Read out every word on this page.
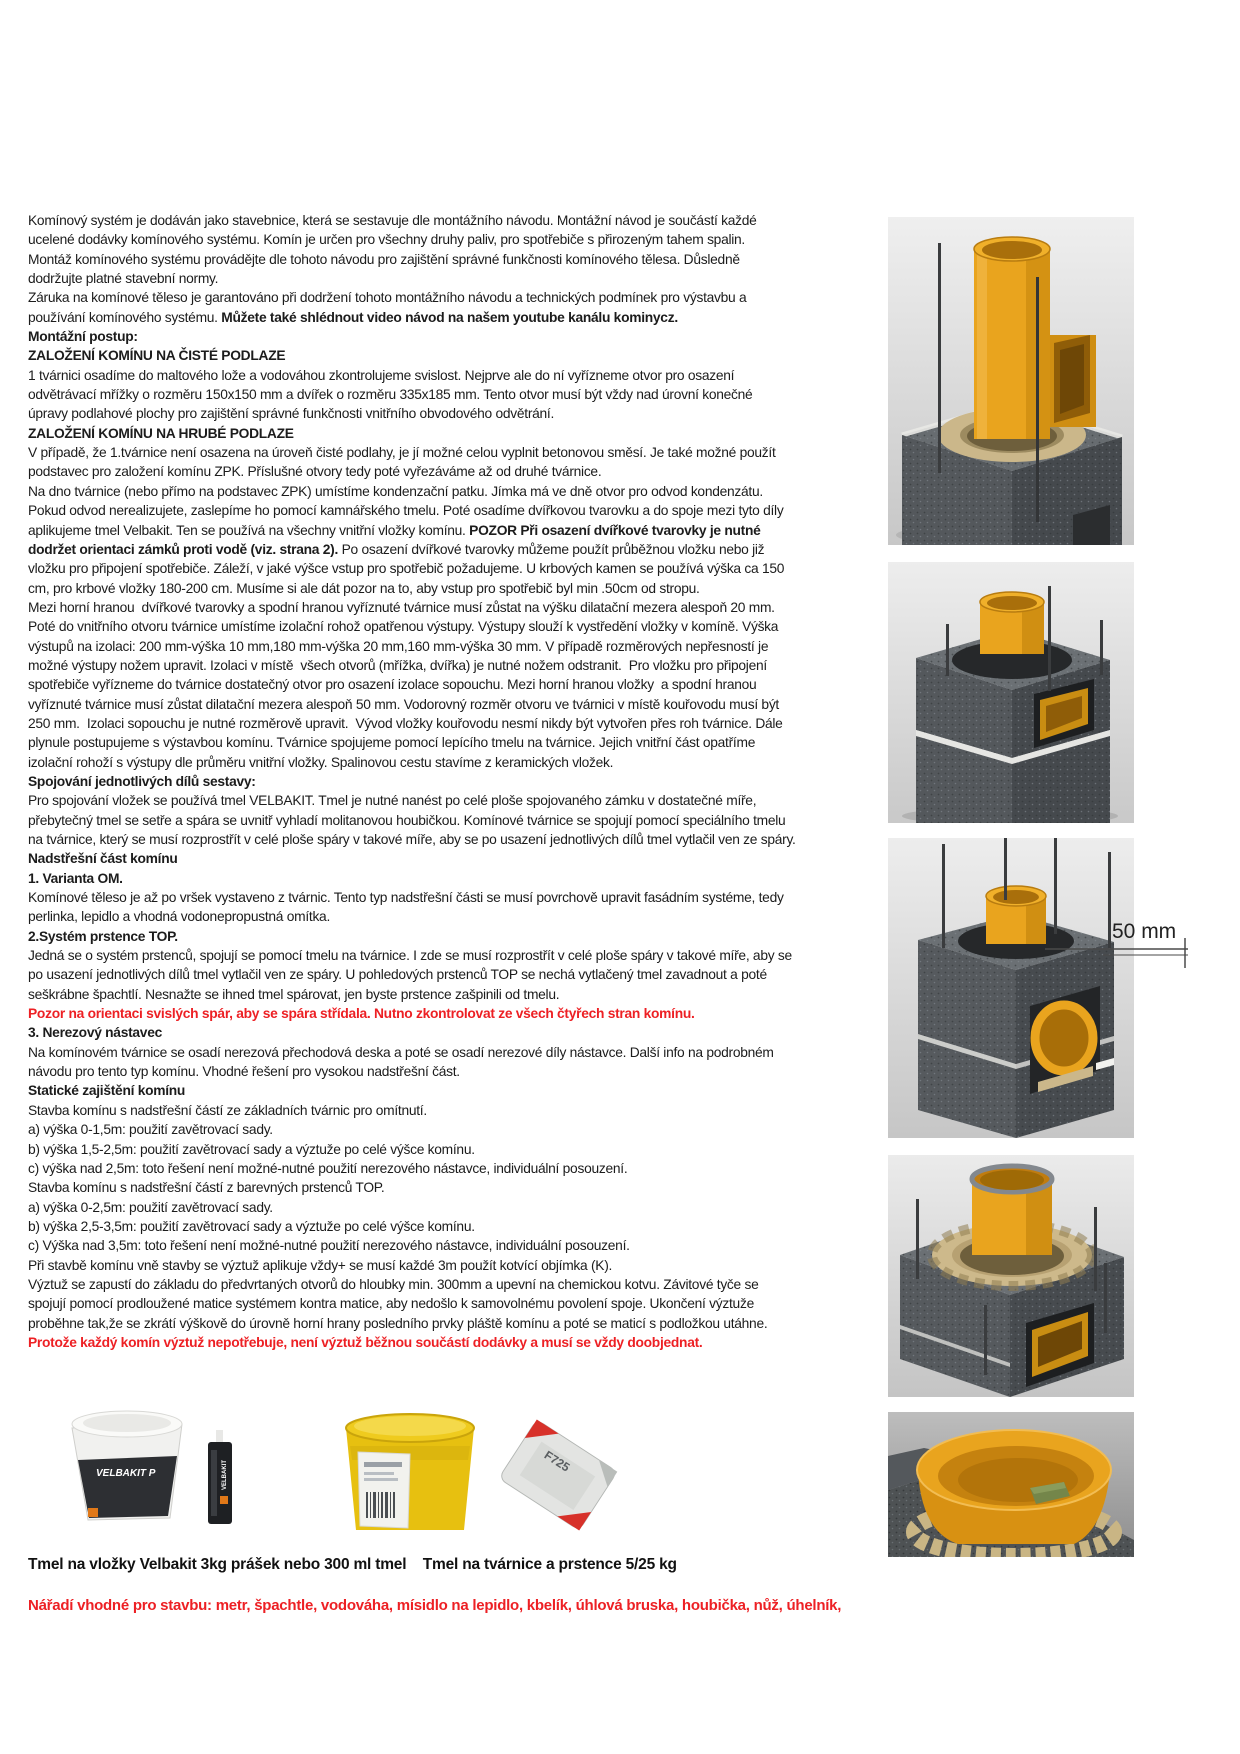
Komínový systém je dodáván jako stavebnice, která se sestavuje dle montážního návodu. Montážní návod je součástí každé
ucelené dodávky komínového systému. Komín je určen pro všechny druhy paliv, pro spotřebiče s přirozeným tahem spalin.
Montáž komínového systému provádějte dle tohoto návodu pro zajištění správné funkčnosti komínového tělesa. Důsledně
dodržujte platné stavební normy.
Záruka na komínové těleso je garantováno při dodržení tohoto montážního návodu a technických podmínek pro výstavbu a
používání komínového systému. Můžete také shlédnout video návod na našem youtube kanálu kominycz.
Montážní postup:
ZALOŽENÍ KOMÍNU NA ČISTÉ PODLAZE
1 tvárnici osadíme do maltového lože a vodováhou zkontrolujeme svislost. Nejprve ale do ní vyřízneme otvor pro osazení
odvětrávací mřížky o rozměru 150x150 mm a dvířek o rozměru 335x185 mm. Tento otvor musí být vždy nad úrovní konečné
úpravy podlahové plochy pro zajištění správné funkčnosti vnitřního obvodového odvětrání.
ZALOŽENÍ KOMÍNU NA HRUBÉ PODLAZE
V případě, že 1.tvárnice není osazena na úroveň čisté podlahy, je jí možné celou vyplnit betonovou směsí. Je také možné použít
podstavec pro založení komínu ZPK. Příslušné otvory tedy poté vyřezáváme až od druhé tvárnice.
Na dno tvárnice (nebo přímo na podstavec ZPK) umístíme kondenzační patku. Jímka má ve dně otvor pro odvod kondenzátu.
Pokud odvod nerealizujete, zaslepíme ho pomocí kamnářského tmelu. Poté osadíme dvířkovou tvarovku a do spoje mezi tyto díly
aplikujeme tmel Velbakit. Ten se používá na všechny vnitřní vložky komínu. POZOR Při osazení dvířkové tvarovky je nutné
dodržet orientaci zámků proti vodě (viz. strana 2). Po osazení dvířkové tvarovky můžeme použít průběžnou vložku nebo již
vložku pro připojení spotřebiče. Záleží, v jaké výšce vstup pro spotřebič požadujeme. U krbových kamen se používá výška ca 150
cm, pro krbové vložky 180-200 cm. Musíme si ale dát pozor na to, aby vstup pro spotřebič byl min .50cm od stropu.
Mezi horní hranou  dvířkové tvarovky a spodní hranou vyříznuté tvárnice musí zůstat na výšku dilatační mezera alespoň 20 mm.
Poté do vnitřního otvoru tvárnice umístíme izolační rohož opatřenou výstupy. Výstupy slouží k vystředění vložky v komíně. Výška
výstupů na izolaci: 200 mm-výška 10 mm,180 mm-výška 20 mm,160 mm-výška 30 mm. V případě rozměrových nepřesností je
možné výstupy nožem upravit. Izolaci v místě  všech otvorů (mřížka, dvířka) je nutné nožem odstranit.  Pro vložku pro připojení
spotřebiče vyřízneme do tvárnice dostatečný otvor pro osazení izolace sopouchu. Mezi horní hranou vložky  a spodní hranou
vyříznuté tvárnice musí zůstat dilatační mezera alespoň 50 mm. Vodorovný rozměr otvoru ve tvárnici v místě kouřovodu musí být
250 mm.  Izolaci sopouchu je nutné rozměrově upravit.  Vývod vložky kouřovodu nesmí nikdy být vytvořen přes roh tvárnice. Dále
plynule postupujeme s výstavbou komínu. Tvárnice spojujeme pomocí lepícího tmelu na tvárnice. Jejich vnitřní část opatříme
izolační rohoží s výstupy dle průměru vnitřní vložky. Spalinovou cestu stavíme z keramických vložek.
Spojování jednotlivých dílů sestavy:
Pro spojování vložek se používá tmel VELBAKIT. Tmel je nutné nanést po celé ploše spojovaného zámku v dostatečné míře,
přebytečný tmel se setře a spára se uvnitř vyhladí molitanovou houbičkou. Komínové tvárnice se spojují pomocí speciálního tmelu
na tvárnice, který se musí rozprostřít v celé ploše spáry v takové míře, aby se po usazení jednotlivých dílů tmel vytlačil ven ze spáry.
Nadstřešní část komínu
1. Varianta OM.
Komínové těleso je až po vršek vystaveno z tvárnic. Tento typ nadstřešní části se musí povrchově upravit fasádním systéme, tedy
perlinka, lepidlo a vhodná vodonepropustná omítka.
2.Systém prstence TOP.
Jedná se o systém prstenců, spojují se pomocí tmelu na tvárnice. I zde se musí rozprostřít v celé ploše spáry v takové míře, aby se
po usazení jednotlivých dílů tmel vytlačil ven ze spáry. U pohledových prstenců TOP se nechá vytlačený tmel zavadnout a poté
seškrábne špachtlí. Nesnažte se ihned tmel spárovat, jen byste prstence zašpinili od tmelu.
Pozor na orientaci svislých spár, aby se spára střídala. Nutno zkontrolovat ze všech čtyřech stran komínu.
3. Nerezový nástavec
Na komínovém tvárnice se osadí nerezová přechodová deska a poté se osadí nerezové díly nástavce. Další info na podrobném
návodu pro tento typ komínu. Vhodné řešení pro vysokou nadstřešní část.
Statické zajištění komínu
Stavba komínu s nadstřešní částí ze základních tvárnic pro omítnutí.
a) výška 0-1,5m: použití zavětrovací sady.
b) výška 1,5-2,5m: použití zavětrovací sady a výztuže po celé výšce komínu.
c) výška nad 2,5m: toto řešení není možné-nutné použití nerezového nástavce, individuální posouzení.
Stavba komínu s nadstřešní částí z barevných prstenců TOP.
a) výška 0-2,5m: použití zavětrovací sady.
b) výška 2,5-3,5m: použití zavětrovací sady a výztuže po celé výšce komínu.
c) Výška nad 3,5m: toto řešení není možné-nutné použití nerezového nástavce, individuální posouzení.
Při stavbě komínu vně stavby se výztuž aplikuje vždy+ se musí každé 3m použít kotvící objímka (K).
Výztuž se zapustí do základu do předvrtaných otvorů do hloubky min. 300mm a upevní na chemickou kotvu. Závitové tyče se
spojují pomocí prodloužené matice systémem kontra matice, aby nedošlo k samovolnému povolení spoje. Ukončení výztuže
proběhne tak,že se zkrátí výškově do úrovně horní hrany posledního prvky pláště komínu a poté se maticí s podložkou utáhne.
Protože každý komín výztuž nepotřebuje, není výztuž běžnou součástí dodávky a musí se vždy doobjednat.
50 mm
VELBAKIT P	VELBAKIT	F725
Tmel na vložky Velbakit 3kg prášek nebo 300 ml tmel    Tmel na tvárnice a prstence 5/25 kg
Nářadí vhodné pro stavbu: metr, špachtle, vodováha, mísidlo na lepidlo, kbelík, úhlová bruska, houbička, nůž, úhelník,
